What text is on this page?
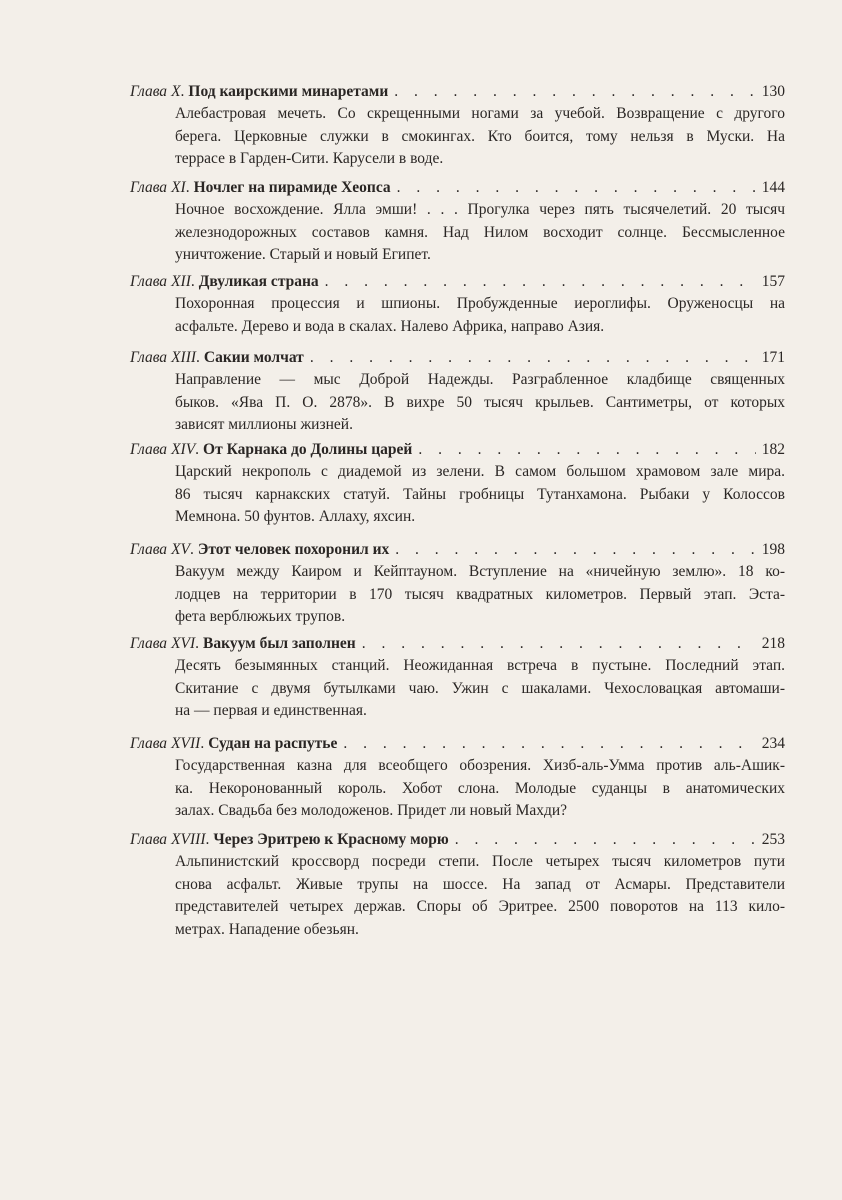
Глава X . Под каирскими минаретами . . .	130
Алебастровая мечеть. Со скрещенными ногами за учебой. Возвращение с другого
берега. Церковные служки в смокингах. Кто боится, тому нельзя в Муски. На
террасе в Гарден-Сити. Карусели в воде.
Глава XI . Ночлег на пирамиде Хеопса . . .	144
Ночное восхождение. Ялла эмши! . . . Прогулка через пять тысячелетий. 20 тысяч
железнодорожных составов камня. Над Нилом восходит солнце. Бессмысленное
уничтожение. Старый и новый Египет.
Глава XII . Двуликая страна . . .	157
Похоронная процессия и шпионы. Пробужденные иероглифы. Оруженосцы на
асфальте. Дерево и вода в скалах. Налево Африка, направо Азия.
Глава XIII . Сакии молчат . . .	171
Направление — мыс Доброй Надежды. Разграбленное кладбище священных
быков. «Ява П. О. 2878». В вихре 50 тысяч крыльев. Сантиметры, от которых
зависят миллионы жизней.
Глава XIV . От Карнака до Долины царей . . .	182
Царский некрополь с диадемой из зелени. В самом большом храмовом зале мира.
86 тысяч карнакских статуй. Тайны гробницы Тутанхамона. Рыбаки у Колоссов
Мемнона. 50 фунтов. Аллаху, яхсин.
Глава XV . Этот человек похоронил их . . .	198
Вакуум между Каиром и Кейптауном. Вступление на «ничейную землю». 18 ко-
лодцев на территории в 170 тысяч квадратных километров. Первый этап. Эста-
фета верблюжьих трупов.
Глава XVI . Вакуум был заполнен . . .	218
Десять безымянных станций. Неожиданная встреча в пустыне. Последний этап.
Скитание с двумя бутылками чаю. Ужин с шакалами. Чехословацкая автомаши-
на — первая и единственная.
Глава XVII . Судан на распутье . . .	234
Государственная казна для всеобщего обозрения. Хизб-аль-Умма против аль-Ашик-
ка. Некоронованный король. Хобот слона. Молодые суданцы в анатомических
залах. Свадьба без молодоженов. Придет ли новый Махди?
Глава XVIII . Через Эритрею к Красному морю . . .	253
Альпинистский кроссворд посреди степи. После четырех тысяч километров пути
снова асфальт. Живые трупы на шоссе. На запад от Асмары. Представители
представителей четырех держав. Споры об Эритрее. 2500 поворотов на 113 кило-
метрах. Нападение обезьян.
